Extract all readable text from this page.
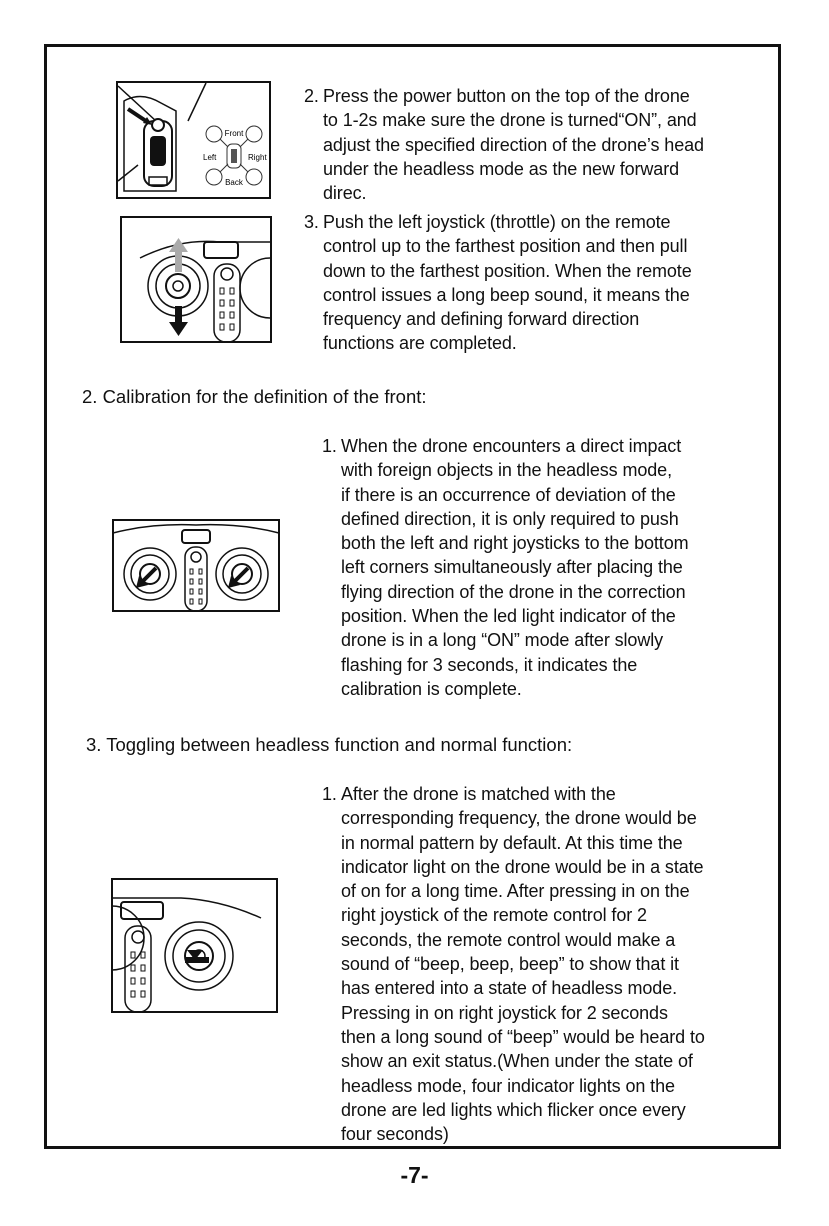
Front
Back
Left	Right
2. Press the power button on the top of the drone
to 1-2s make sure the drone is turned“ON”, and
adjust the specified direction of the drone’s head
under the headless mode as the new forward
direc.
3. Push the left joystick (throttle) on the remote
control up to the farthest position and then pull
down to the farthest position. When the remote
control issues a long beep sound, it means the
frequency and defining forward direction
functions are completed.
2. Calibration for the definition of the front:
1. When the drone encounters a direct impact
with foreign objects in the headless mode,
if there is an occurrence of deviation of the
defined direction, it is only required to push
both the left and right joysticks to the bottom
left corners simultaneously after placing the
flying direction of the drone in the correction
position. When the led light indicator of the
drone is in a long “ON” mode after slowly
flashing for 3 seconds, it indicates the
calibration is complete.
3. Toggling between headless function and normal function:
1. After the drone is matched with the
corresponding frequency, the drone would be
in normal pattern by default. At this time the
indicator light on the drone would be in a state
of on for a long time. After pressing in on the
right joystick of the remote control for 2
seconds, the remote control would make a
sound of “beep, beep, beep” to show that it
has entered into a state of headless mode.
Pressing in on right joystick for 2 seconds
then a long sound of “beep” would be heard to
show an exit status.(When under the state of
headless mode, four indicator lights on the
drone are led lights which flicker once every
four seconds)
-7-
